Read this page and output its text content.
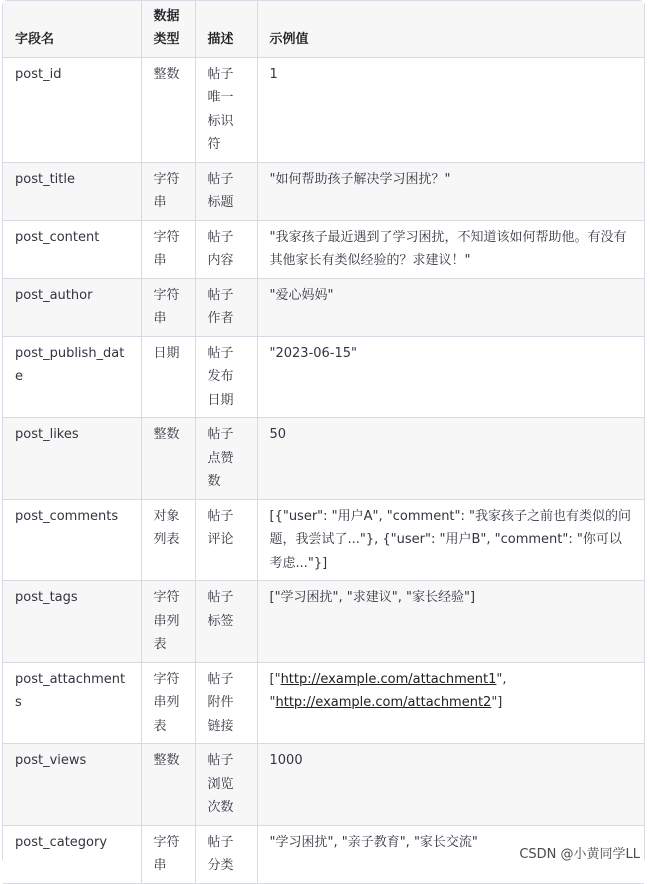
字段名	数据类型	描述	示例值
post_id	整数	帖子唯一标识符	1
post_title	字符串	帖子标题	"如何帮助孩子解决学习困扰？"
post_content	字符串	帖子内容	"我家孩子最近遇到了学习困扰，不知道该如何帮助他。有没有其他家长有类似经验的？求建议！"
post_author	字符串	帖子作者	"爱心妈妈"
post_publish_date	日期	帖子发布日期	"2023-06-15"
post_likes	整数	帖子点赞数	50
post_comments	对象列表	帖子评论	[{"user": "用户A", "comment": "我家孩子之前也有类似的问题，我尝试了..."}, {"user": "用户B", "comment": "你可以考虑..."}]
post_tags	字符串列表	帖子标签	["学习困扰", "求建议", "家长经验"]
post_attachments	字符串列表	帖子附件链接	["http://example.com/attachment1",
"http://example.com/attachment2"]
post_views	整数	帖子浏览次数	1000
post_category	字符串	帖子分类	"学习困扰", "亲子教育", "家长交流"
CSDN @小黄同学LL
